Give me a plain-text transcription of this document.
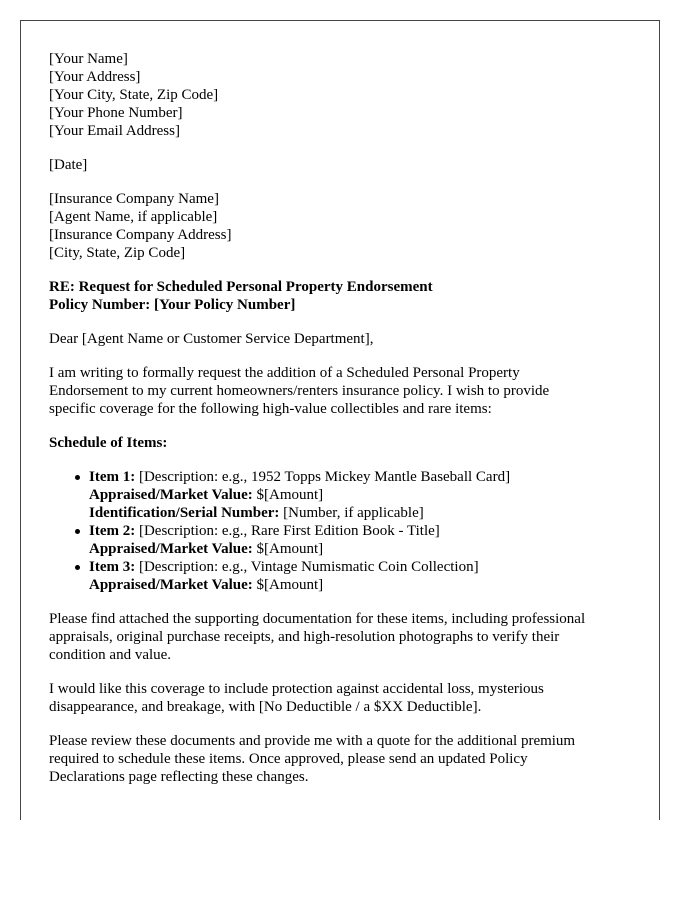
[Your Name]
[Your Address]
[Your City, State, Zip Code]
[Your Phone Number]
[Your Email Address]
[Date]
[Insurance Company Name]
[Agent Name, if applicable]
[Insurance Company Address]
[City, State, Zip Code]
RE: Request for Scheduled Personal Property Endorsement
Policy Number: [Your Policy Number]
Dear [Agent Name or Customer Service Department],

I am writing to formally request the addition of a Scheduled Personal Property
Endorsement to my current homeowners/renters insurance policy. I wish to provide
specific coverage for the following high-value collectibles and rare items:

Schedule of Items:
Item 1: [Description: e.g., 1952 Topps Mickey Mantle Baseball Card]
Appraised/Market Value: $[Amount]
Identification/Serial Number: [Number, if applicable]
Item 2: [Description: e.g., Rare First Edition Book - Title]
Appraised/Market Value: $[Amount]
Item 3: [Description: e.g., Vintage Numismatic Coin Collection]
Appraised/Market Value: $[Amount]

Please find attached the supporting documentation for these items, including professional
appraisals, original purchase receipts, and high-resolution photographs to verify their
condition and value.

I would like this coverage to include protection against accidental loss, mysterious
disappearance, and breakage, with [No Deductible / a $XX Deductible].

Please review these documents and provide me with a quote for the additional premium
required to schedule these items. Once approved, please send an updated Policy
Declarations page reflecting these changes.
